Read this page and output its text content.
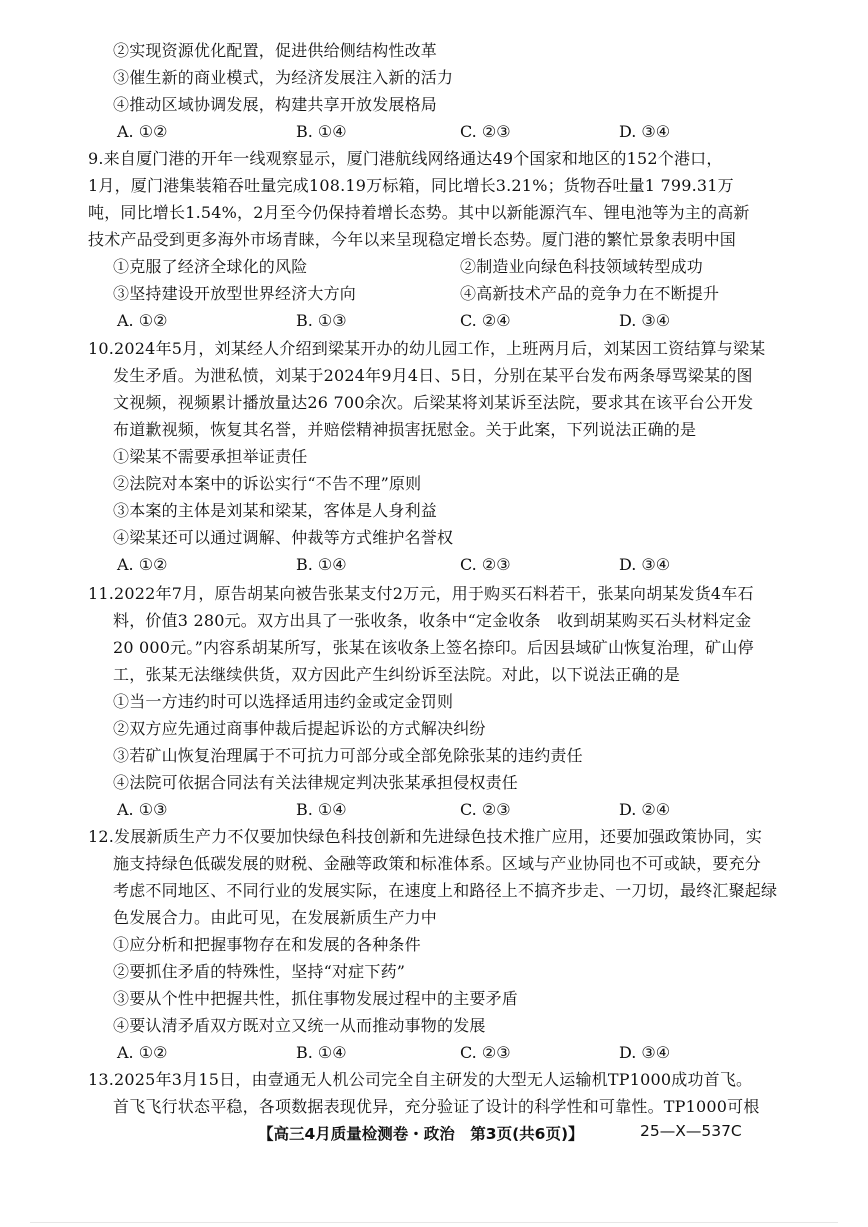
②实现资源优化配置，促进供给侧结构性改革
③催生新的商业模式，为经济发展注入新的活力
④推动区域协调发展，构建共享开放发展格局
A. ①②	B. ①④	C. ②③	D. ③④
9.来自厦门港的开年一线观察显示，厦门港航线网络通达49个国家和地区的152个港口，
1月，厦门港集装箱吞吐量完成108.19万标箱，同比增长3.21%；货物吞吐量1 799.31万
吨，同比增长1.54%，2月至今仍保持着增长态势。其中以新能源汽车、锂电池等为主的高新
技术产品受到更多海外市场青睐，今年以来呈现稳定增长态势。厦门港的繁忙景象表明中国
①克服了经济全球化的风险	②制造业向绿色科技领域转型成功
③坚持建设开放型世界经济大方向	④高新技术产品的竞争力在不断提升
A. ①②	B. ①③	C. ②④	D. ③④
10.2024年5月，刘某经人介绍到梁某开办的幼儿园工作，上班两月后，刘某因工资结算与梁某
发生矛盾。为泄私愤，刘某于2024年9月4日、5日，分别在某平台发布两条辱骂梁某的图
文视频，视频累计播放量达26 700余次。后梁某将刘某诉至法院，要求其在该平台公开发
布道歉视频，恢复其名誉，并赔偿精神损害抚慰金。关于此案，下列说法正确的是
①梁某不需要承担举证责任
②法院对本案中的诉讼实行“不告不理”原则
③本案的主体是刘某和梁某，客体是人身利益
④梁某还可以通过调解、仲裁等方式维护名誉权
A. ①②	B. ①④	C. ②③	D. ③④
11.2022年7月，原告胡某向被告张某支付2万元，用于购买石料若干，张某向胡某发货4车石
料，价值3 280元。双方出具了一张收条，收条中“定金收条　收到胡某购买石头材料定金
20 000元。”内容系胡某所写，张某在该收条上签名捺印。后因县域矿山恢复治理，矿山停
工，张某无法继续供货，双方因此产生纠纷诉至法院。对此，以下说法正确的是
①当一方违约时可以选择适用违约金或定金罚则
②双方应先通过商事仲裁后提起诉讼的方式解决纠纷
③若矿山恢复治理属于不可抗力可部分或全部免除张某的违约责任
④法院可依据合同法有关法律规定判决张某承担侵权责任
A. ①③	B. ①④	C. ②③	D. ②④
12.发展新质生产力不仅要加快绿色科技创新和先进绿色技术推广应用，还要加强政策协同，实
施支持绿色低碳发展的财税、金融等政策和标准体系。区域与产业协同也不可或缺，要充分
考虑不同地区、不同行业的发展实际，在速度上和路径上不搞齐步走、一刀切，最终汇聚起绿
色发展合力。由此可见，在发展新质生产力中
①应分析和把握事物存在和发展的各种条件
②要抓住矛盾的特殊性，坚持“对症下药”
③要从个性中把握共性，抓住事物发展过程中的主要矛盾
④要认清矛盾双方既对立又统一从而推动事物的发展
A. ①②	B. ①④	C. ②③	D. ③④
13.2025年3月15日，由壹通无人机公司完全自主研发的大型无人运输机TP1000成功首飞。
首飞飞行状态平稳，各项数据表现优异，充分验证了设计的科学性和可靠性。TP1000可根
【高三4月质量检测卷・政治　第3页(共6页)】	25—X—537C
